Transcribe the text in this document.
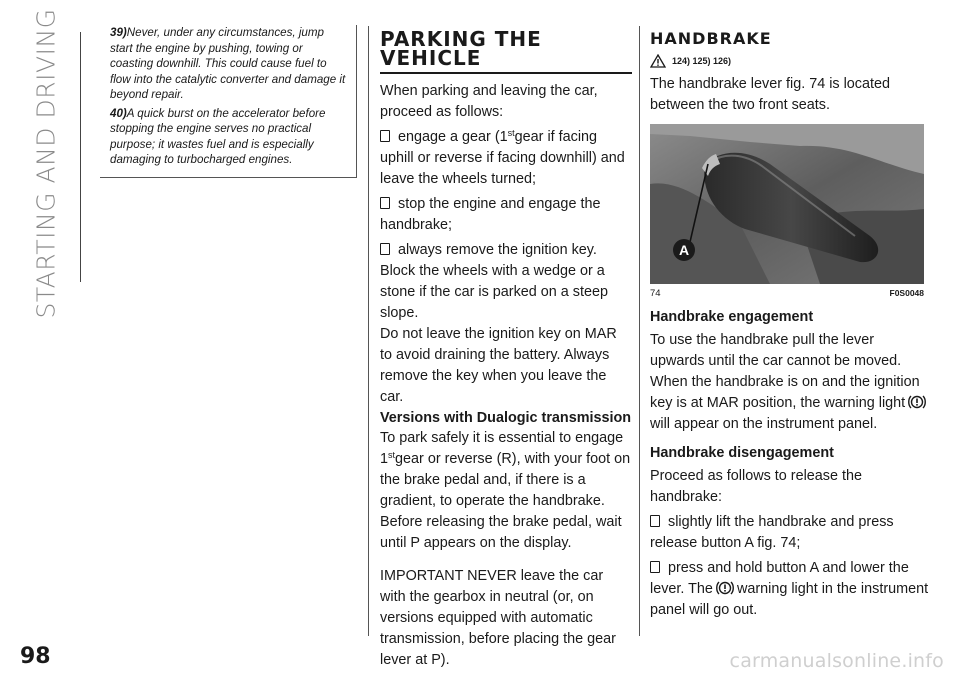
STARTING AND DRIVING
98	carmanualsonline.info

39)Never, under any circumstances, jump start the engine by pushing, towing or coasting downhill. This could cause fuel to flow into the catalytic converter and damage it beyond repair.

40)A quick burst on the accelerator before stopping the engine serves no practical purpose; it wastes fuel and is especially damaging to turbocharged engines.

PARKING THE
VEHICLE

When parking and leaving the car, proceed as follows:

engage a gear (1stgear if facing uphill or reverse if facing downhill) and leave the wheels turned;

stop the engine and engage the handbrake;

always remove the ignition key.

Block the wheels with a wedge or a stone if the car is parked on a steep slope.

Do not leave the ignition key on MAR to avoid draining the battery. Always remove the key when you leave the car.

Versions with Dualogic transmission

To park safely it is essential to engage 1stgear or reverse (R), with your foot on the brake pedal and, if there is a gradient, to operate the handbrake. Before releasing the brake pedal, wait until P appears on the display.

IMPORTANT NEVER leave the car with the gearbox in neutral (or, on versions equipped with automatic transmission, before placing the gear lever at P).

HANDBRAKE
124) 125) 126)

The handbrake lever fig. 74 is located between the two front seats.

A
74	F0S0048

Handbrake engagement

To use the handbrake pull the lever upwards until the car cannot be moved. When the handbrake is on and the ignition key is at MAR position, the warning lightwill appear on the instrument panel.

Handbrake disengagement

Proceed as follows to release the handbrake:

slightly lift the handbrake and press release button A fig. 74;

press and hold button A and lower the lever. The warning light in the instrument panel will go out.
